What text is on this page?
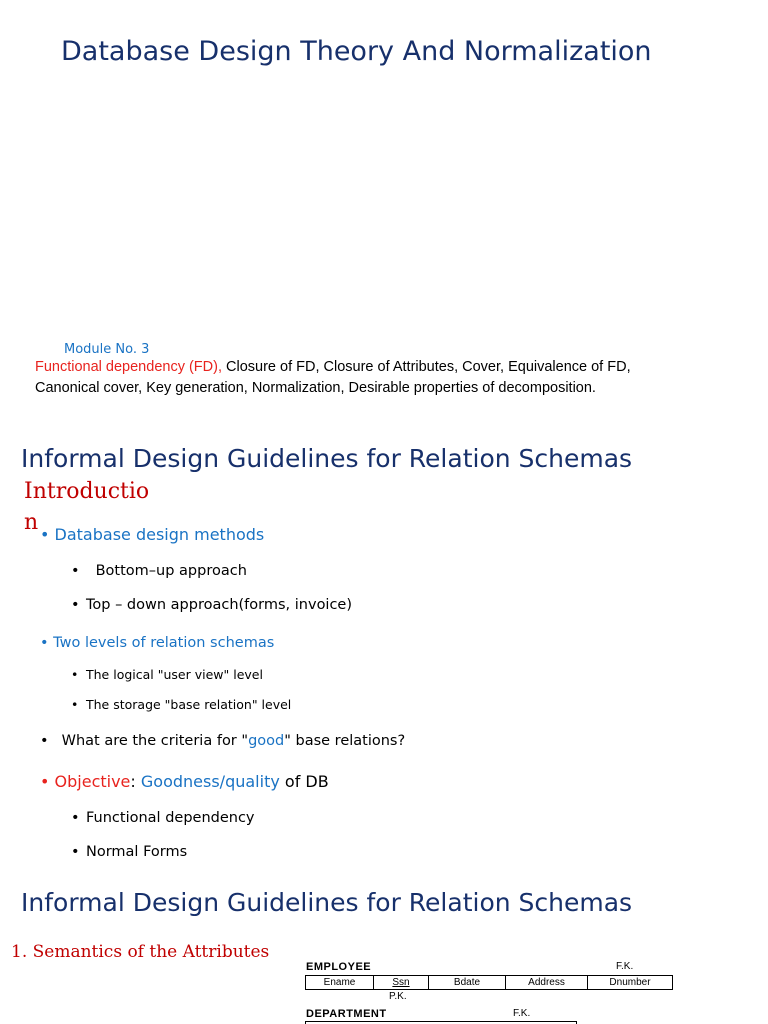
Database Design Theory And Normalization
Module No. 3
Functional dependency (FD), Closure of FD, Closure of Attributes, Cover, Equivalence of FD,
Canonical cover, Key generation, Normalization, Desirable properties of decomposition.
Informal Design Guidelines for Relation Schemas
Introductio
n • Database design methods
• Bottom–up approach
• Top – down approach(forms, invoice)
• Two levels of relation schemas
• The logical "user view" level
• The storage "base relation" level
• What are the criteria for "good" base relations?
• Objective: Goodness/quality of DB
• Functional dependency
• Normal Forms
Informal Design Guidelines for Relation Schemas
1. Semantics of the Attributes
EMPLOYEE	F.K.
Ename	Ssn	Bdate	Address	Dnumber
P.K.
DEPARTMENT	F.K.
